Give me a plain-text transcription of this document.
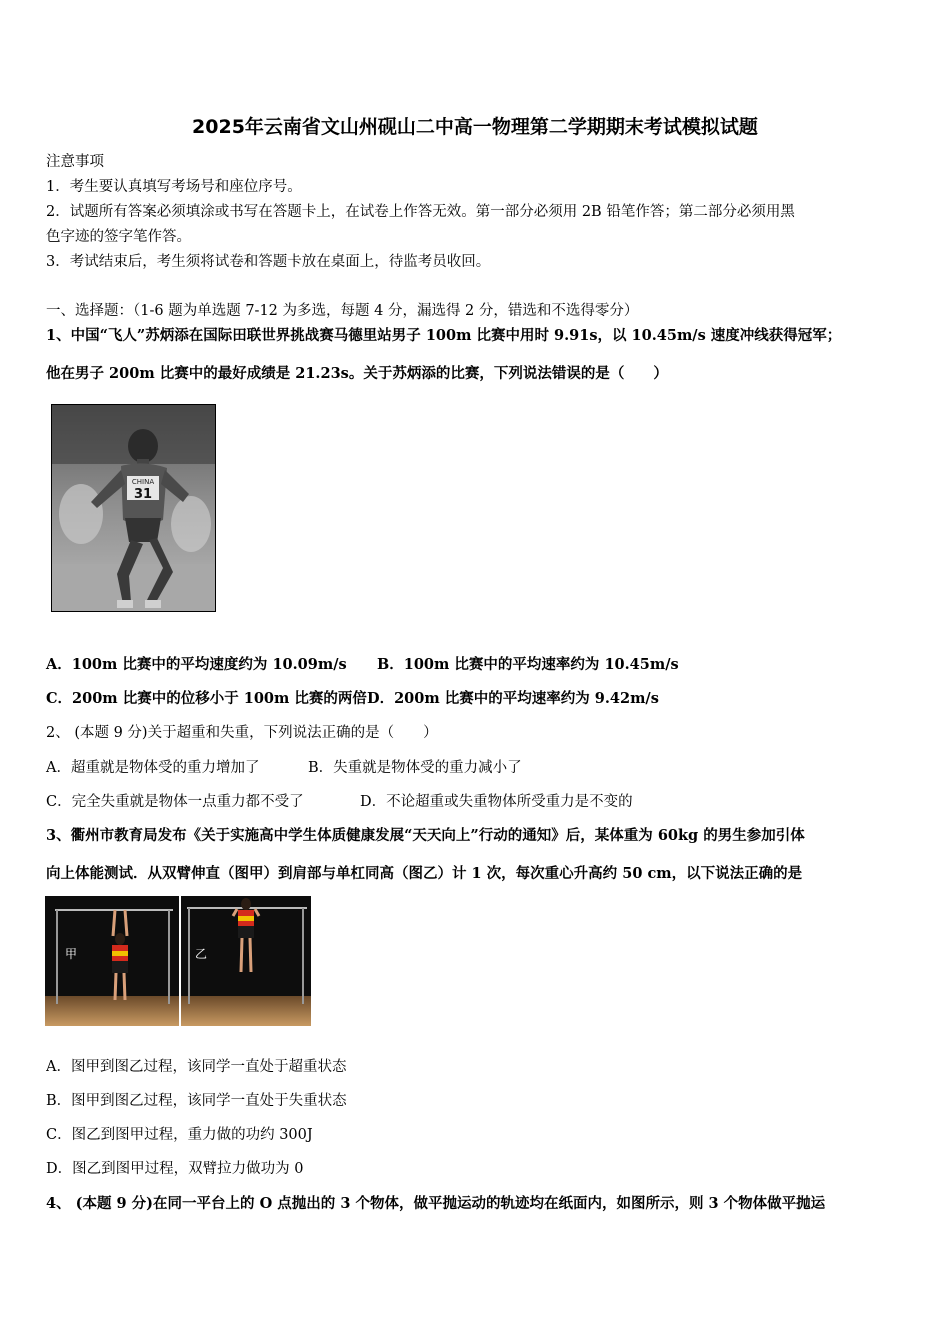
2025年云南省文山州砚山二中高一物理第二学期期末考试模拟试题
注意事项
1．考生要认真填写考场号和座位序号。
2．试题所有答案必须填涂或书写在答题卡上，在试卷上作答无效。第一部分必须用 2B 铅笔作答；第二部分必须用黑
色字迹的签字笔作答。
3．考试结束后，考生须将试卷和答题卡放在桌面上，待监考员收回。
一、选择题：（1-6 题为单选题 7-12 为多选，每题 4 分，漏选得 2 分，错选和不选得零分）
1、中国“飞人”苏炳添在国际田联世界挑战赛马德里站男子 100m 比赛中用时 9.91s，以 10.45m/s 速度冲线获得冠军；
他在男子 200m 比赛中的最好成绩是 21.23s。关于苏炳添的比赛，下列说法错误的是（　　）
CHINA
31
A．100m 比赛中的平均速度约为 10.09m/s B．100m 比赛中的平均速率约为 10.45m/s
C．200m 比赛中的位移小于 100m 比赛的两倍 D．200m 比赛中的平均速率约为 9.42m/s
2、 (本题 9 分)关于超重和失重，下列说法正确的是（　　）
A．超重就是物体受的重力增加了	B．失重就是物体受的重力减小了
C．完全失重就是物体一点重力都不受了	D．不论超重或失重物体所受重力是不变的
3、衢州市教育局发布《关于实施高中学生体质健康发展“天天向上”行动的通知》后，某体重为 60kg 的男生参加引体
向上体能测试．从双臂伸直（图甲）到肩部与单杠同高（图乙）计 1 次，每次重心升高约 50 cm，以下说法正确的是
甲	乙
A．图甲到图乙过程，该同学一直处于超重状态
B．图甲到图乙过程，该同学一直处于失重状态
C．图乙到图甲过程，重力做的功约 300J
D．图乙到图甲过程，双臂拉力做功为 0
4、 (本题 9 分)在同一平台上的 O 点抛出的 3 个物体，做平抛运动的轨迹均在纸面内，如图所示，则 3 个物体做平抛运
